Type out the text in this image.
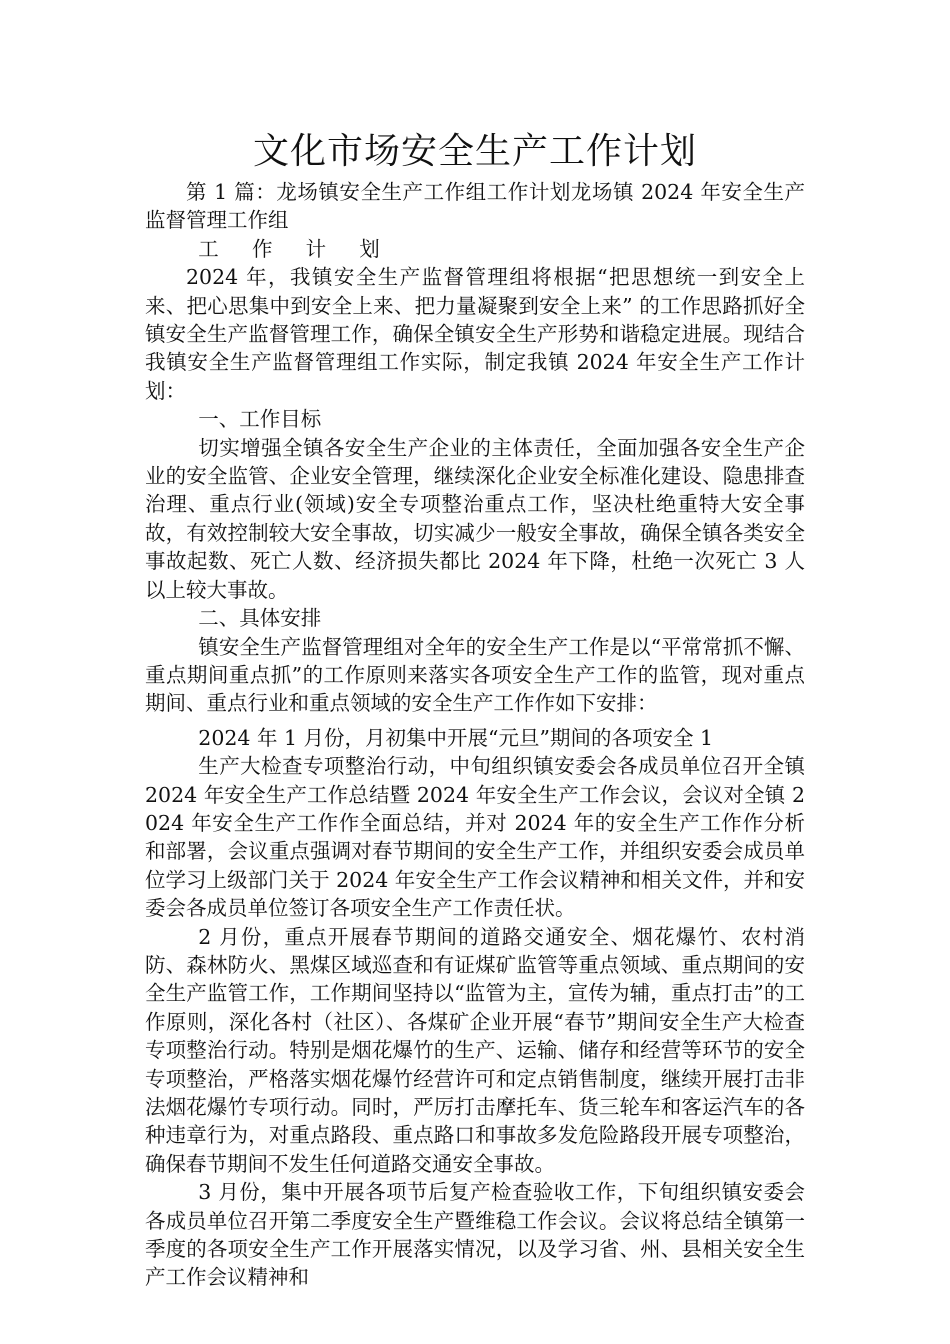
文化市场安全生产工作计划

第 1 篇：龙场镇安全生产工作组工作计划龙场镇 2024 年安全生产监督管理工作组

工 作 计 划

2024 年，我镇安全生产监督管理组将根据“把思想统一到安全上来、把心思集中到安全上来、把力量凝聚到安全上来” 的工作思路抓好全镇安全生产监督管理工作，确保全镇安全生产形势和谐稳定进展。现结合我镇安全生产监督管理组工作实际，制定我镇 2024 年安全生产工作计划：

一、工作目标

切实增强全镇各安全生产企业的主体责任，全面加强各安全生产企业的安全监管、企业安全管理，继续深化企业安全标准化建设、隐患排查治理、重点行业(领域)安全专项整治重点工作，坚决杜绝重特大安全事故，有效控制较大安全事故，切实减少一般安全事故，确保全镇各类安全事故起数、死亡人数、经济损失都比 2024 年下降，杜绝一次死亡 3 人以上较大事故。

二、具体安排

镇安全生产监督管理组对全年的安全生产工作是以“平常常抓不懈、重点期间重点抓”的工作原则来落实各项安全生产工作的监管，现对重点期间、重点行业和重点领域的安全生产工作作如下安排：

2024 年 1 月份，月初集中开展“元旦”期间的各项安全 1

生产大检查专项整治行动，中旬组织镇安委会各成员单位召开全镇 2024 年安全生产工作总结暨 2024 年安全生产工作会议，会议对全镇 2024 年安全生产工作作全面总结，并对 2024 年的安全生产工作作分析和部署，会议重点强调对春节期间的安全生产工作，并组织安委会成员单位学习上级部门关于 2024 年安全生产工作会议精神和相关文件，并和安委会各成员单位签订各项安全生产工作责任状。

2 月份，重点开展春节期间的道路交通安全、烟花爆竹、农村消防、森林防火、黑煤区域巡查和有证煤矿监管等重点领域、重点期间的安全生产监管工作，工作期间坚持以“监管为主，宣传为辅，重点打击”的工作原则，深化各村（社区）、各煤矿企业开展“春节”期间安全生产大检查专项整治行动。特别是烟花爆竹的生产、运输、储存和经营等环节的安全专项整治，严格落实烟花爆竹经营许可和定点销售制度，继续开展打击非法烟花爆竹专项行动。同时，严厉打击摩托车、货三轮车和客运汽车的各种违章行为，对重点路段、重点路口和事故多发危险路段开展专项整治，确保春节期间不发生任何道路交通安全事故。

3 月份，集中开展各项节后复产检查验收工作，下旬组织镇安委会各成员单位召开第二季度安全生产暨维稳工作会议。会议将总结全镇第一季度的各项安全生产工作开展落实情况，以及学习省、州、县相关安全生产工作会议精神和
